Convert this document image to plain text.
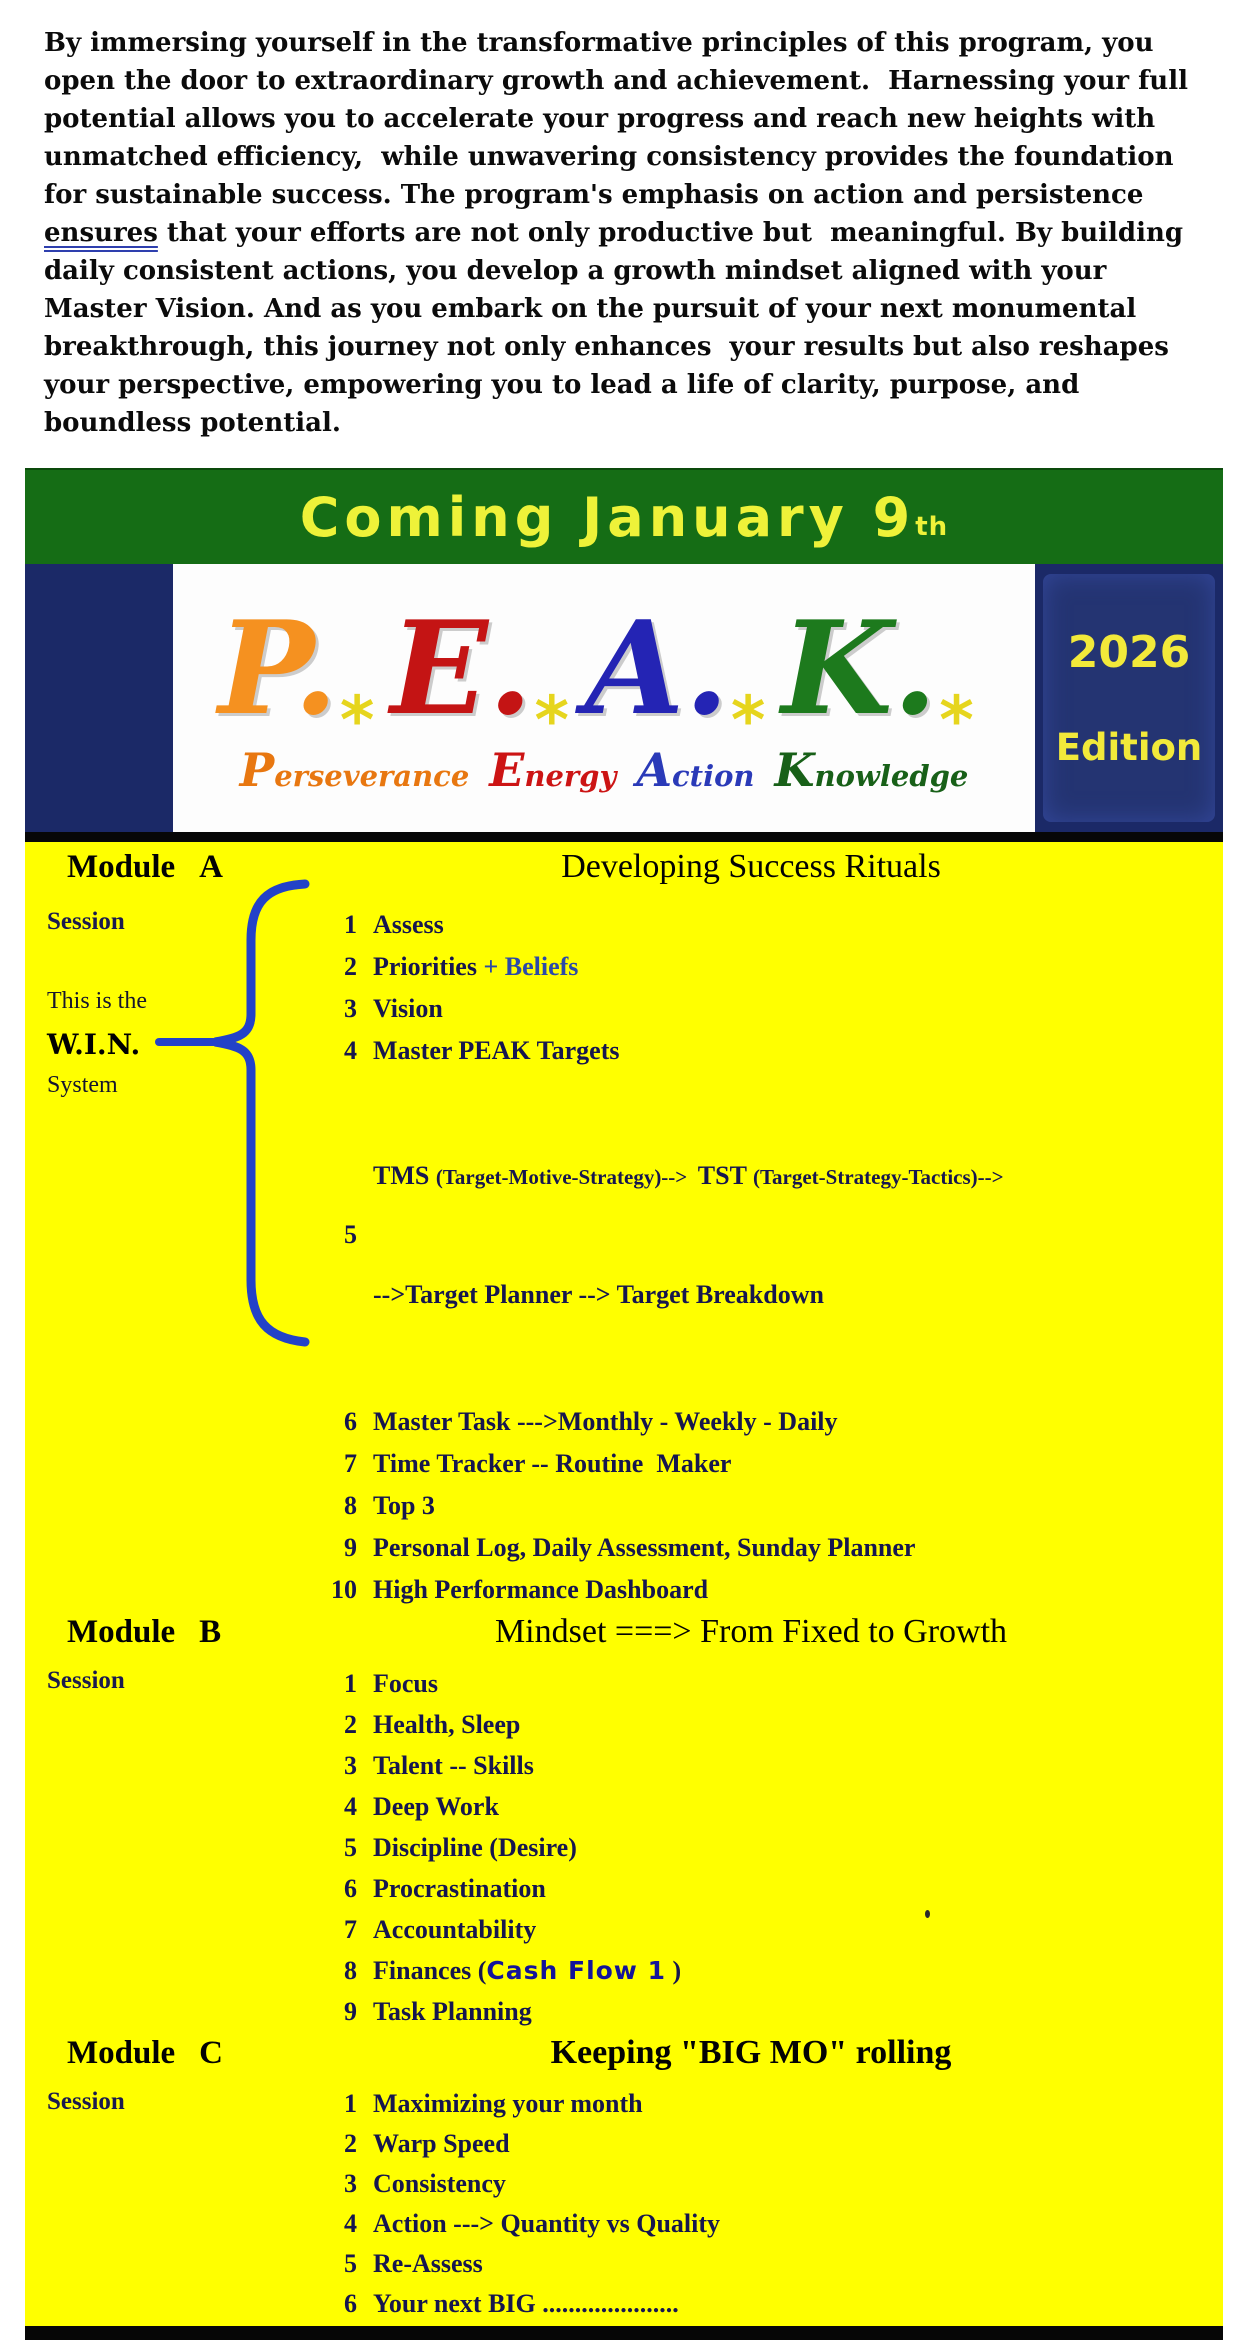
By immersing yourself in the transformative principles of this program, you
open the door to extraordinary growth and achievement.  Harnessing your full
potential allows you to accelerate your progress and reach new heights with
unmatched efficiency,  while unwavering consistency provides the foundation
for sustainable success. The program's emphasis on action and persistence
ensures that your efforts are not only productive but  meaningful. By building
daily consistent actions, you develop a growth mindset aligned with your
Master Vision. And as you embark on the pursuit of your next monumental
breakthrough, this journey not only enhances  your results but also reshapes
your perspective, empowering you to lead a life of clarity, purpose, and
boundless potential.
Coming January 9 th
P. * E. * A. * K. *
Perseverance Energy Action Knowledge
2026
Edition
Module A	Developing Success Rituals
Session
This is the
W.I.N.
System
1 Assess
2 Priorities + Beliefs
3 Vision
4 Master PEAK Targets
5

TMS (Target-Motive-Strategy)-->  TST (Target-Strategy-Tactics)-->

-->Target Planner --> Target Breakdown

6 Master Task --->Monthly - Weekly - Daily
7 Time Tracker -- Routine  Maker
8 Top 3
9 Personal Log, Daily Assessment, Sunday Planner
10 High Performance Dashboard
Module B	Mindset ===> From Fixed to Growth
Session	1 Focus
2 Health, Sleep
3 Talent -- Skills
4 Deep Work
5 Discipline (Desire)
6 Procrastination
7 Accountability
8 Finances (Cash Flow 1 )
9 Task Planning
Module C	Keeping "BIG MO" rolling
Session	1 Maximizing your month
2 Warp Speed
3 Consistency
4 Action ---> Quantity vs Quality
5 Re-Assess
6 Your next BIG .....................
